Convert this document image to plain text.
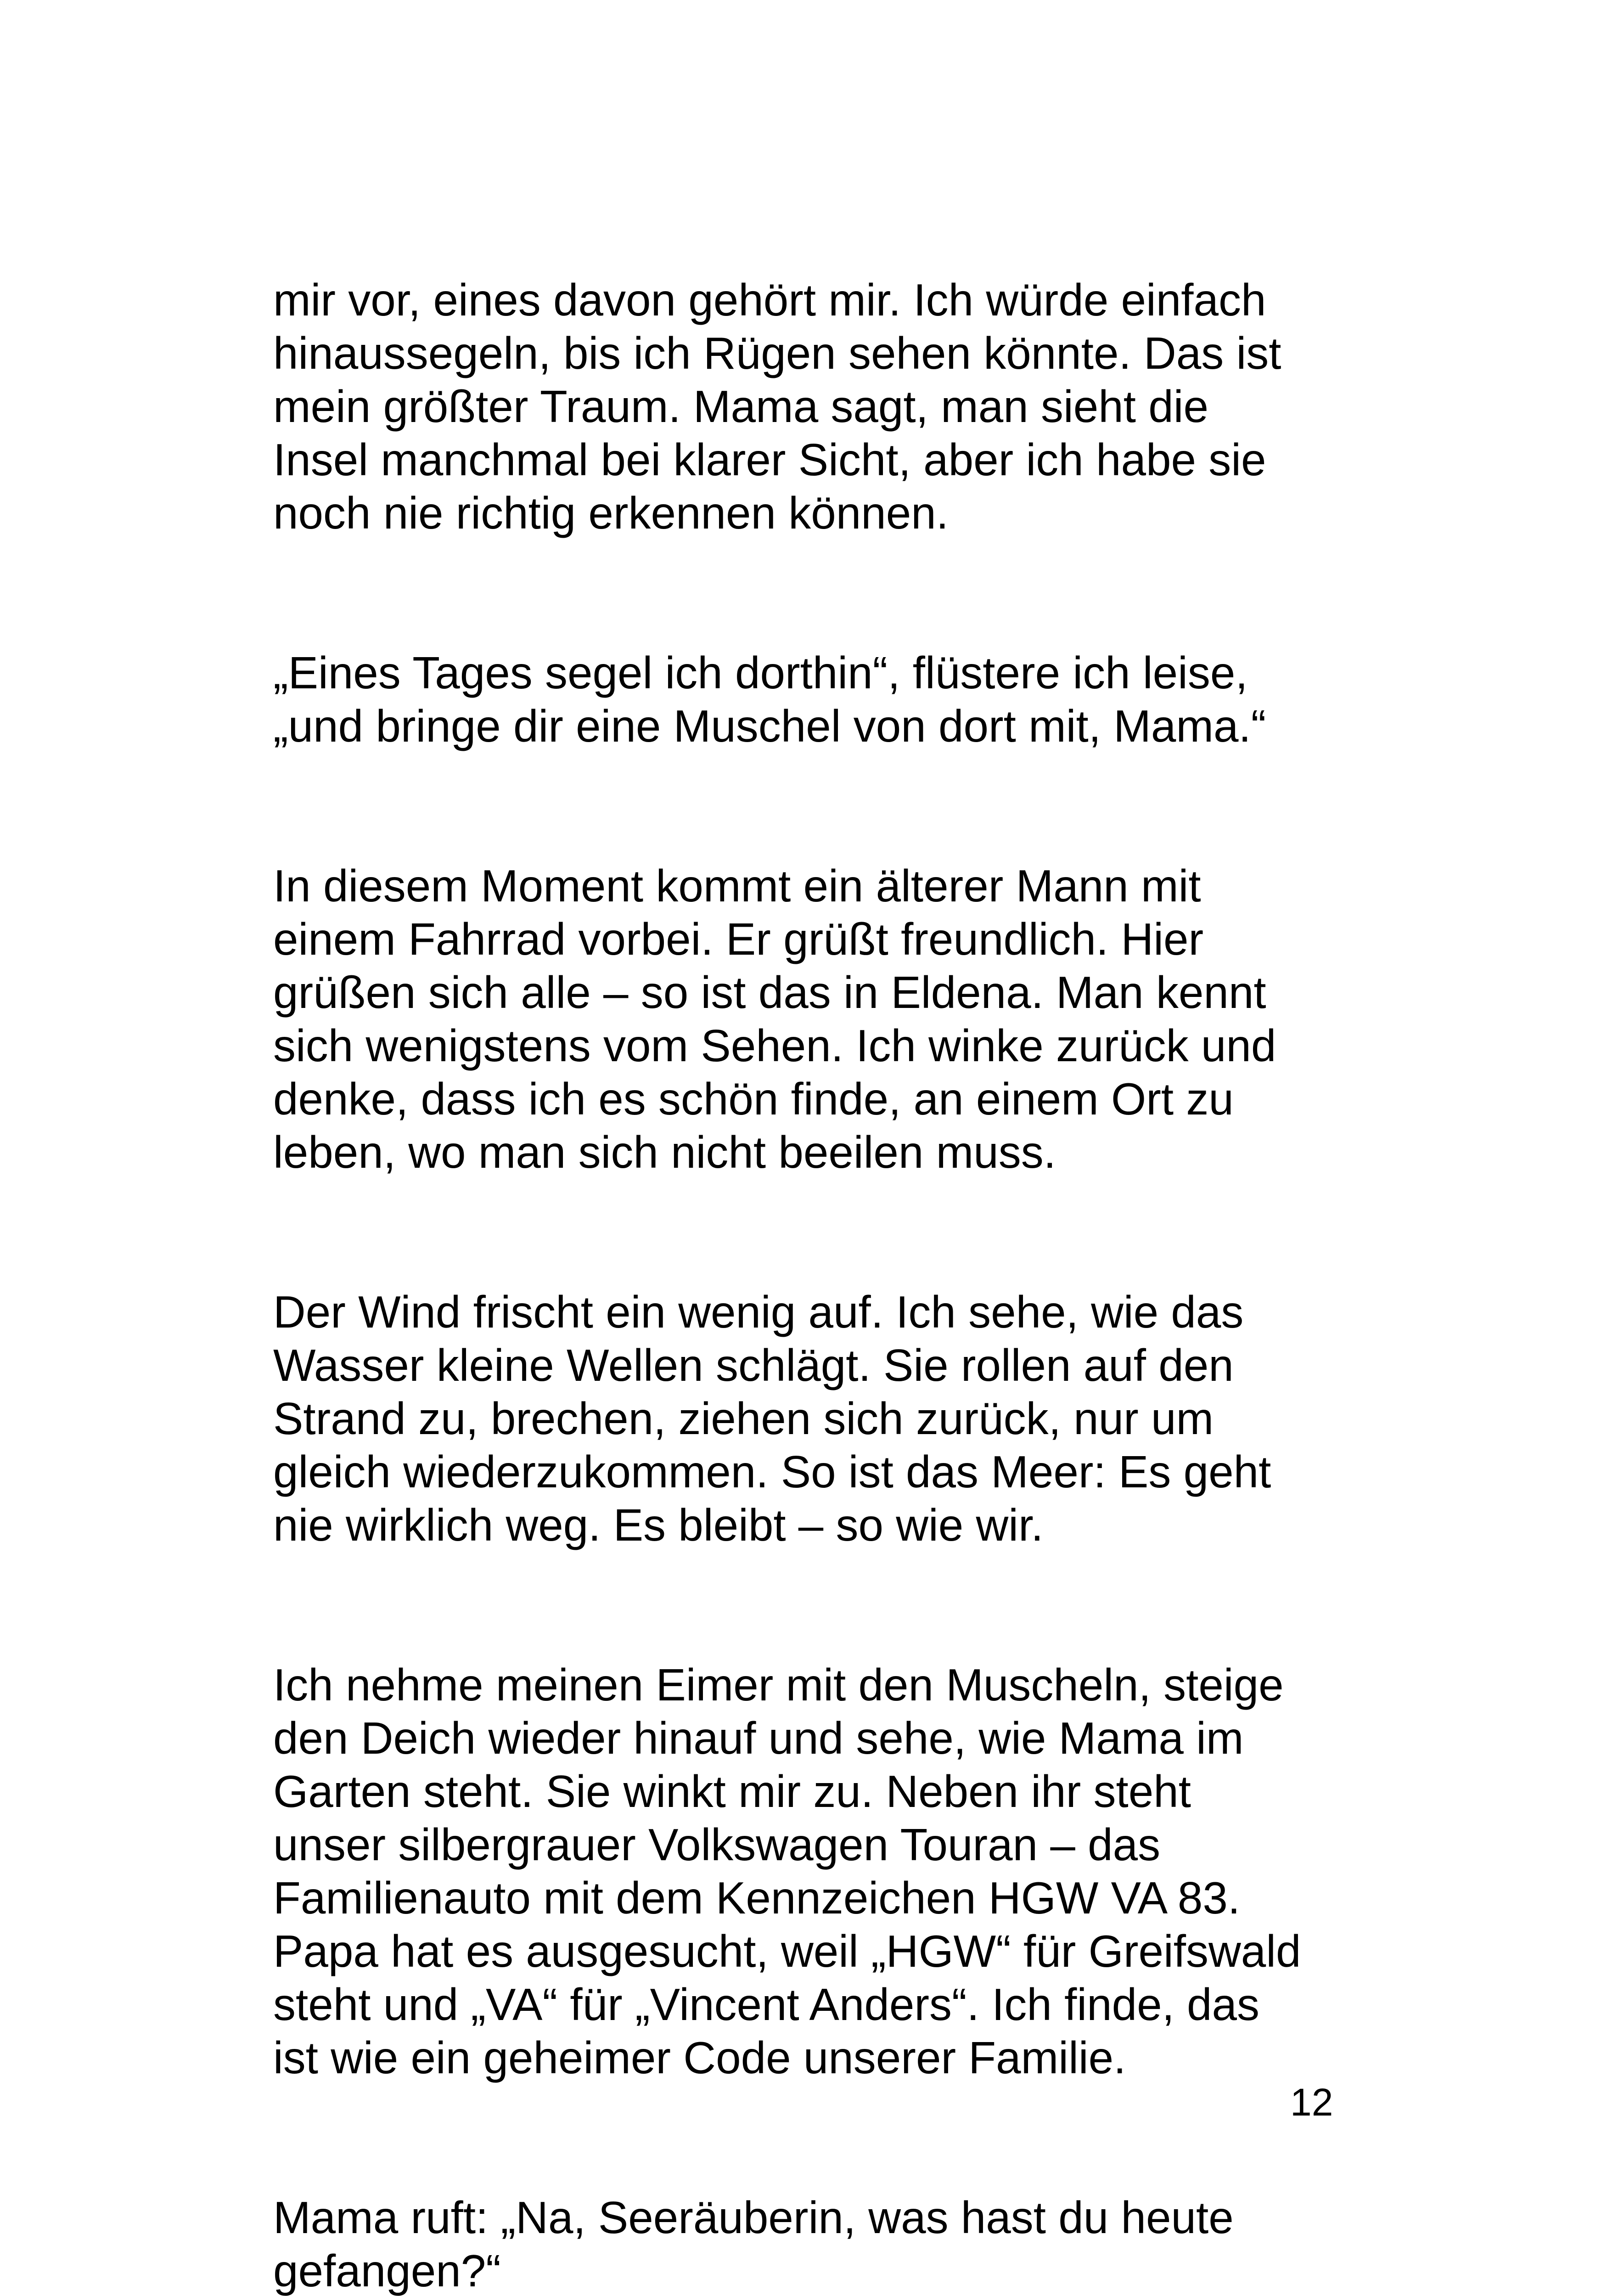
mir vor, eines davon gehört mir. Ich würde einfach
hinaussegeln, bis ich Rügen sehen könnte. Das ist
mein größter Traum. Mama sagt, man sieht die
Insel manchmal bei klarer Sicht, aber ich habe sie
noch nie richtig erkennen können.

„Eines Tages segel ich dorthin“, flüstere ich leise,
„und bringe dir eine Muschel von dort mit, Mama.“

In diesem Moment kommt ein älterer Mann mit
einem Fahrrad vorbei. Er grüßt freundlich. Hier
grüßen sich alle – so ist das in Eldena. Man kennt
sich wenigstens vom Sehen. Ich winke zurück und
denke, dass ich es schön finde, an einem Ort zu
leben, wo man sich nicht beeilen muss.

Der Wind frischt ein wenig auf. Ich sehe, wie das
Wasser kleine Wellen schlägt. Sie rollen auf den
Strand zu, brechen, ziehen sich zurück, nur um
gleich wiederzukommen. So ist das Meer: Es geht
nie wirklich weg. Es bleibt – so wie wir.

Ich nehme meinen Eimer mit den Muscheln, steige
den Deich wieder hinauf und sehe, wie Mama im
Garten steht. Sie winkt mir zu. Neben ihr steht
unser silbergrauer Volkswagen Touran – das
Familienauto mit dem Kennzeichen HGW VA 83.
Papa hat es ausgesucht, weil „HGW“ für Greifswald
steht und „VA“ für „Vincent Anders“. Ich finde, das
ist wie ein geheimer Code unserer Familie.

Mama ruft: „Na, Seeräuberin, was hast du heute
gefangen?“

12
